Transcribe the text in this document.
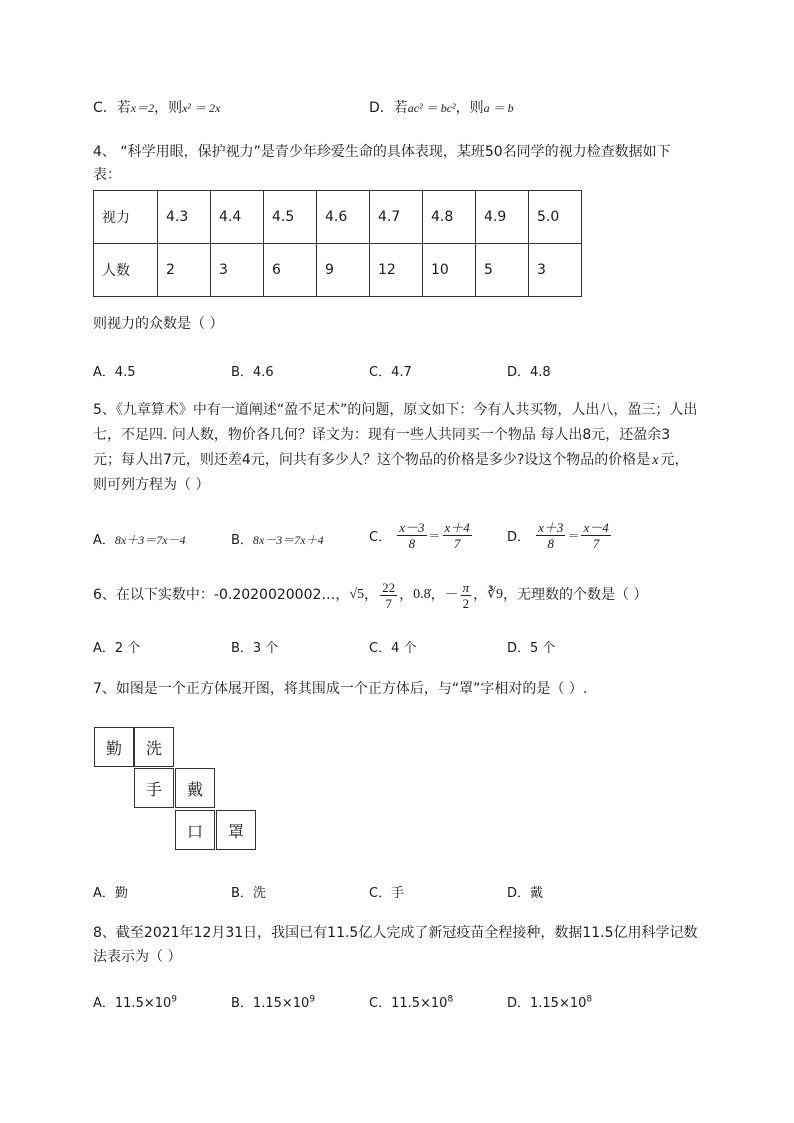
C．若x＝2，则x² ＝ 2x	D．若ac² ＝ bc²，则a ＝ b
4、 “科学用眼，保护视力”是青少年珍爱生命的具体表现，某班50名同学的视力检查数据如下
表：
视力	4.3	4.4	4.5	4.6	4.7	4.8	4.9	5.0
人数	2	3	6	9	12	10	5	3
则视力的众数是（ ）
A．4.5	B．4.6	C．4.7	D．4.8
5、《九章算术》中有一道阐述“盈不足术”的问题，原文如下：今有人共买物，人出八，盈三；人出
七，不足四. 问人数，物价各几何？译文为：现有一些人共同买一个物品 每人出8元，还盈余3
元；每人出7元，则还差4元，问共有多少人？这个物品的价格是多少?设这个物品的价格是 x 元，
则可列方程为（ ）
A．8x＋3＝7x－4	B．8x－3＝7x＋4	C． $\frac{x-3}{8} = \frac{x+4}{7}$	D． $\frac{x+3}{8} = \frac{x-4}{7}$
6、在以下实数中：-0.2020020002…，√5， $\frac{22}{7}$ ，0.8̇，－ $\frac{\pi}{2}$ ，∛9，无理数的个数是（ ）
A．2 个	B．3 个	C．4 个	D．5 个
7、如图是一个正方体展开图，将其围成一个正方体后，与“罩”字相对的是（ ）.
勤	洗
手	戴
口	罩
A．勤	B．洗	C．手	D．戴
8、截至2021年12月31日，我国已有11.5亿人完成了新冠疫苗全程接种，数据11.5亿用科学记数
法表示为（ ）
A．$11.5\times 10^9$	B．$1.15\times 10^9$	C．$11.5\times 10^8$	D．$1.15\times 10^8$
